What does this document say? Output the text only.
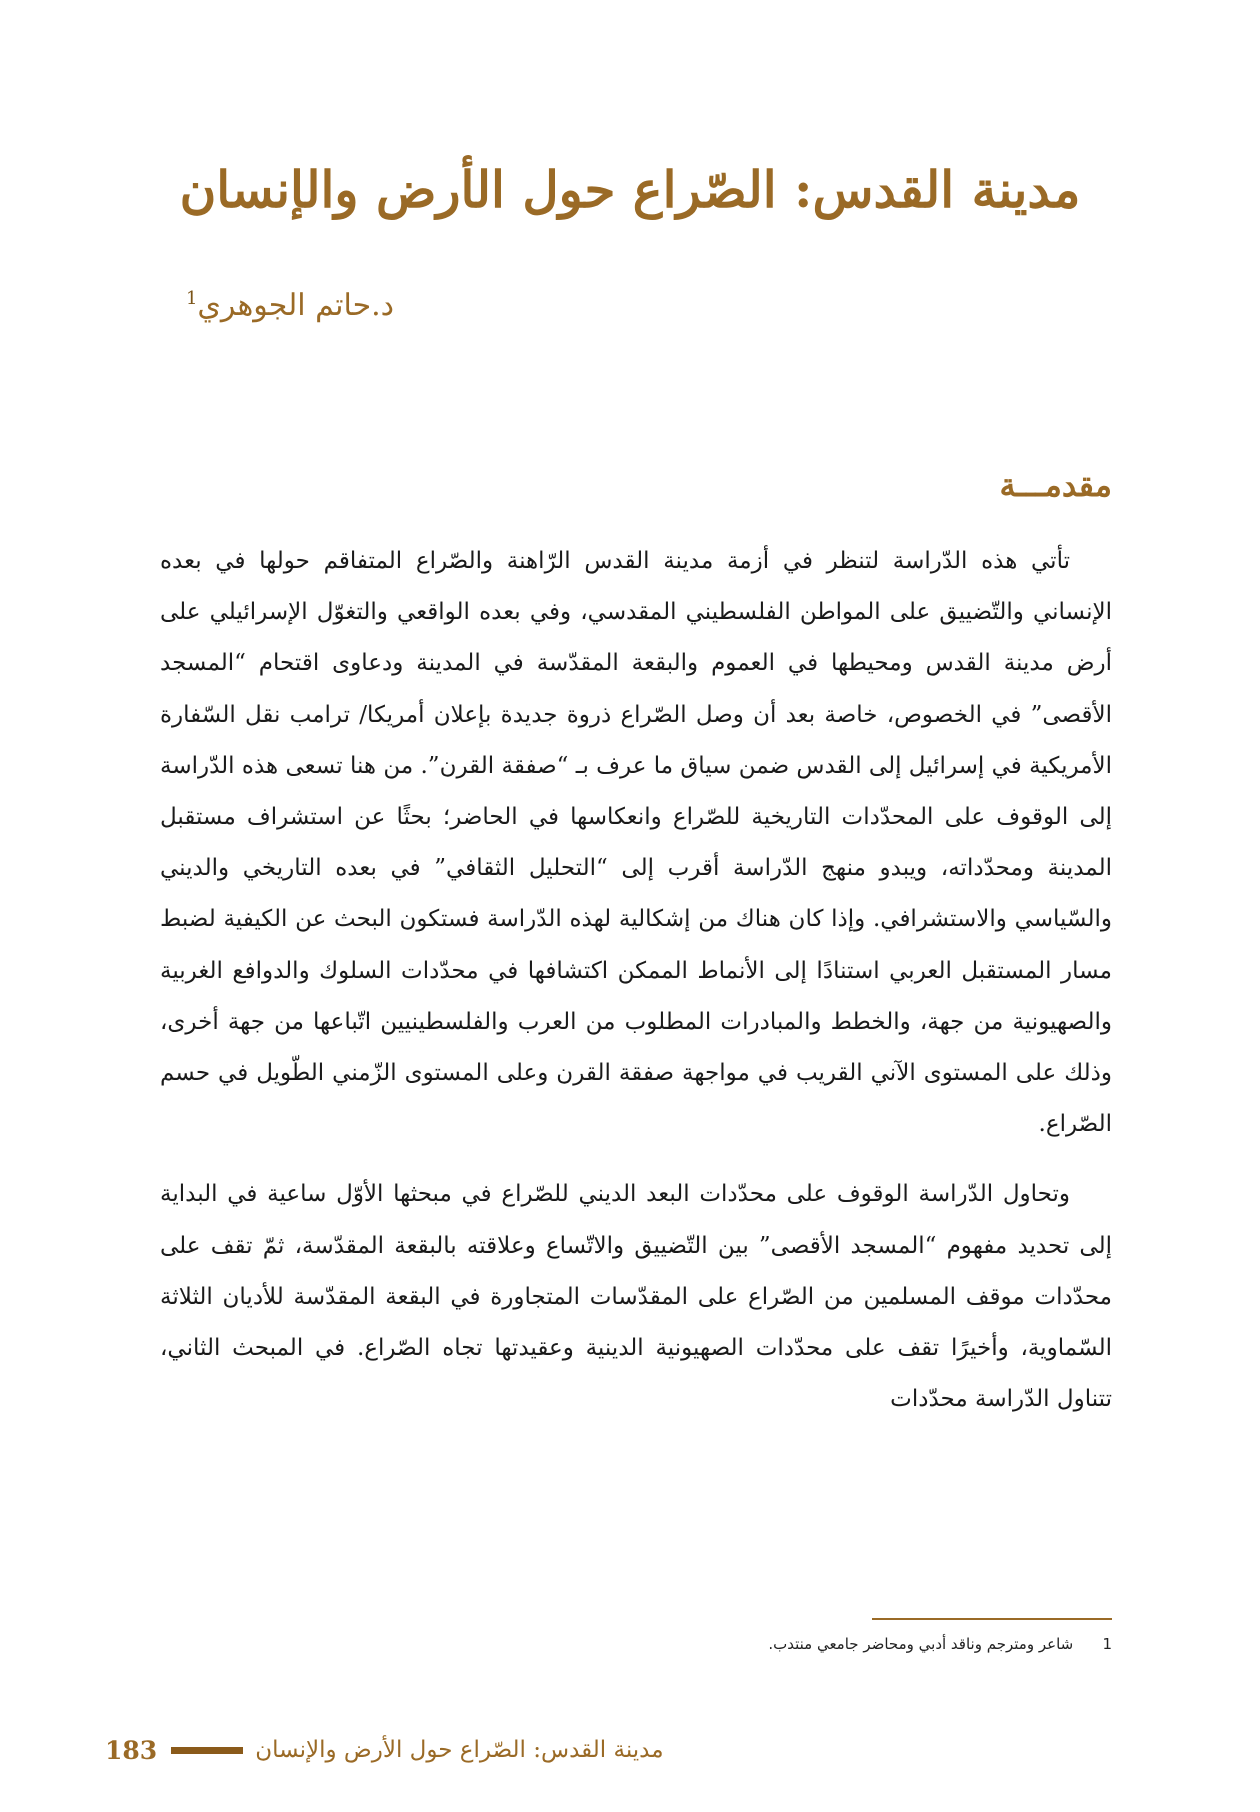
مدينة القدس: الصّراع حول الأرض والإنسان
د.حاتم الجوهري$^1$
مقدمـــة

تأتي هذه الدّراسة لتنظر في أزمة مدينة القدس الرّاهنة والصّراع المتفاقم حولها في بعده الإنساني والتّضييق على المواطن الفلسطيني المقدسي، وفي بعده الواقعي والتغوّل الإسرائيلي على أرض مدينة القدس ومحيطها في العموم والبقعة المقدّسة في المدينة ودعاوى اقتحام “المسجد الأقصى” في الخصوص، خاصة بعد أن وصل الصّراع ذروة جديدة بإعلان أمريكا/ ترامب نقل السّفارة الأمريكية في إسرائيل إلى القدس ضمن سياق ما عرف بـ “صفقة القرن”. من هنا تسعى هذه الدّراسة إلى الوقوف على المحدّدات التاريخية للصّراع وانعكاسها في الحاضر؛ بحثًا عن استشراف مستقبل المدينة ومحدّداته، ويبدو منهج الدّراسة أقرب إلى “التحليل الثقافي” في بعده التاريخي والديني والسّياسي والاستشرافي. وإذا كان هناك من إشكالية لهذه الدّراسة فستكون البحث عن الكيفية لضبط مسار المستقبل العربي استنادًا إلى الأنماط الممكن اكتشافها في محدّدات السلوك والدوافع الغربية والصهيونية من جهة، والخطط والمبادرات المطلوب من العرب والفلسطينيين اتّباعها من جهة أخرى، وذلك على المستوى الآني القريب في مواجهة صفقة القرن وعلى المستوى الزّمني الطّويل في حسم الصّراع.

وتحاول الدّراسة الوقوف على محدّدات البعد الديني للصّراع في مبحثها الأوّل ساعية في البداية إلى تحديد مفهوم “المسجد الأقصى” بين التّضييق والاتّساع وعلاقته بالبقعة المقدّسة، ثمّ تقف على محدّدات موقف المسلمين من الصّراع على المقدّسات المتجاورة في البقعة المقدّسة للأديان الثلاثة السّماوية، وأخيرًا تقف على محدّدات الصهيونية الدينية وعقيدتها تجاه الصّراع. في المبحث الثاني، تتناول الدّراسة محدّدات

1 شاعر ومترجم وناقد أدبي ومحاضر جامعي منتدب.
183	مدينة القدس: الصّراع حول الأرض والإنسان
